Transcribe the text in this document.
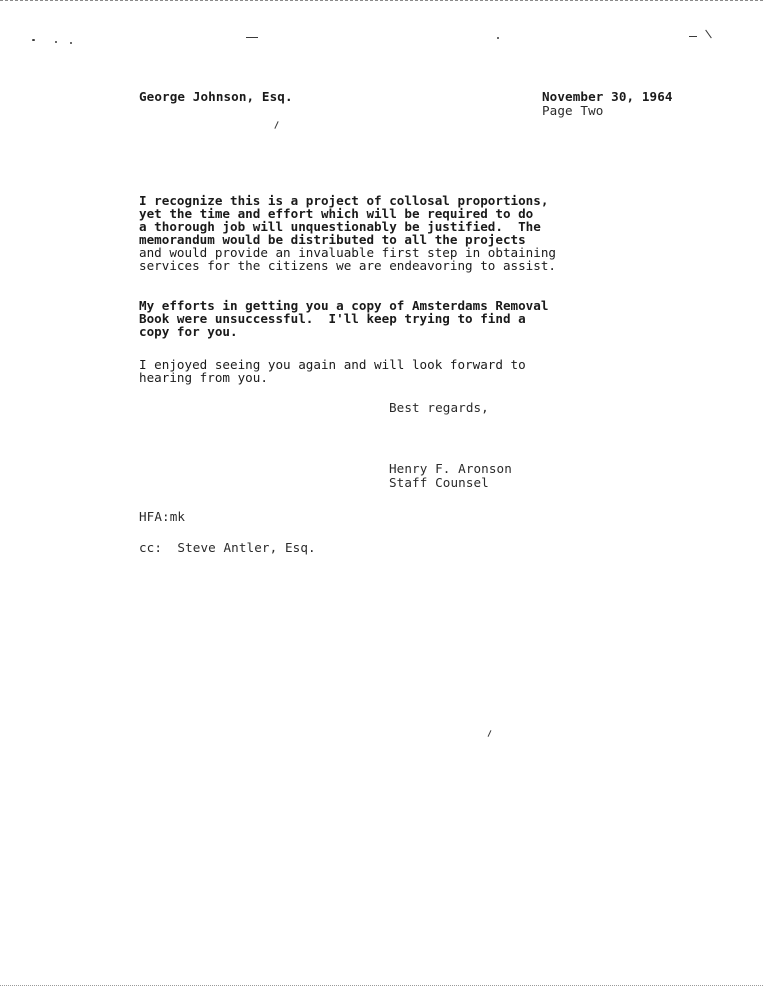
George Johnson, Esq.	November 30, 1964
Page Two
I recognize this is a project of collosal proportions,
yet the time and effort which will be required to do
a thorough job will unquestionably be justified.  The
memorandum would be distributed to all the projects
and would provide an invaluable first step in obtaining
services for the citizens we are endeavoring to assist.
My efforts in getting you a copy of Amsterdams Removal
Book were unsuccessful.  I'll keep trying to find a
copy for you.
I enjoyed seeing you again and will look forward to
hearing from you.
Best regards,
Henry F. Aronson
Staff Counsel
HFA:mk
cc:  Steve Antler, Esq.
